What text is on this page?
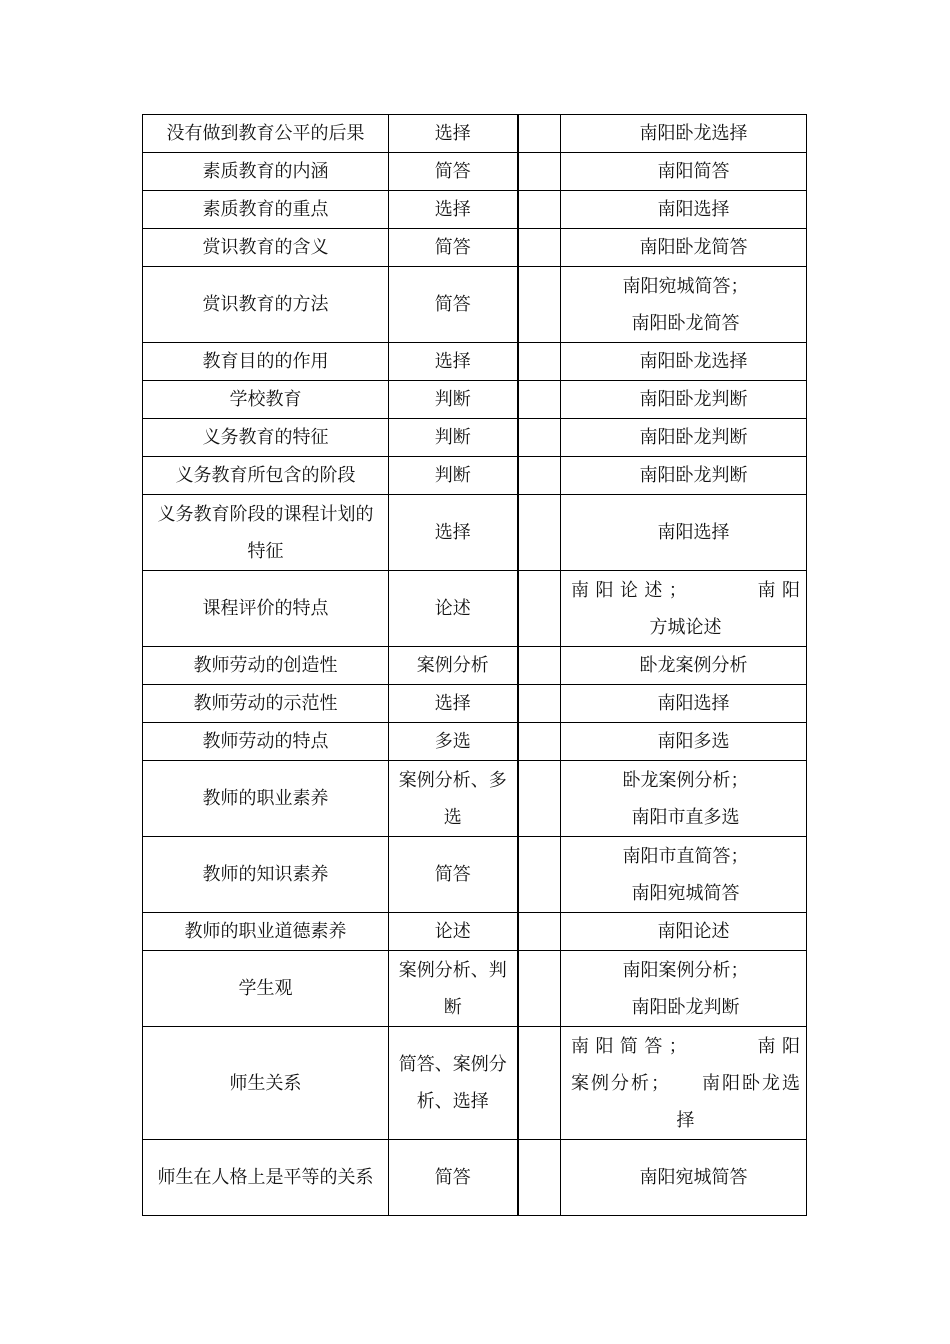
没有做到教育公平的后果	选择		南阳卧龙选择

素质教育的内涵	简答		南阳简答

素质教育的重点	选择		南阳选择

赏识教育的含义	简答		南阳卧龙简答

赏识教育的方法	简答		南阳宛城简答；
南阳卧龙简答

教育目的的作用	选择		南阳卧龙选择

学校教育	判断		南阳卧龙判断

义务教育的特征	判断		南阳卧龙判断

义务教育所包含的阶段	判断		南阳卧龙判断

义务教育阶段的课程计划的特征	选择		南阳选择

课程评价的特点	论述		南阳论述；　　　南阳
方城论述

教师劳动的创造性	案例分析		卧龙案例分析

教师劳动的示范性	选择		南阳选择

教师劳动的特点	多选		南阳多选

教师的职业素养	案例分析、多选		卧龙案例分析；
南阳市直多选

教师的知识素养	简答		南阳市直简答；
南阳宛城简答

教师的职业道德素养	论述		南阳论述

学生观	案例分析、判断		南阳案例分析；
南阳卧龙判断

师生关系	简答、案例分析、选择		南阳简答；　　　南阳
案例分析；　　南阳卧龙选
择

师生在人格上是平等的关系	简答		南阳宛城简答
